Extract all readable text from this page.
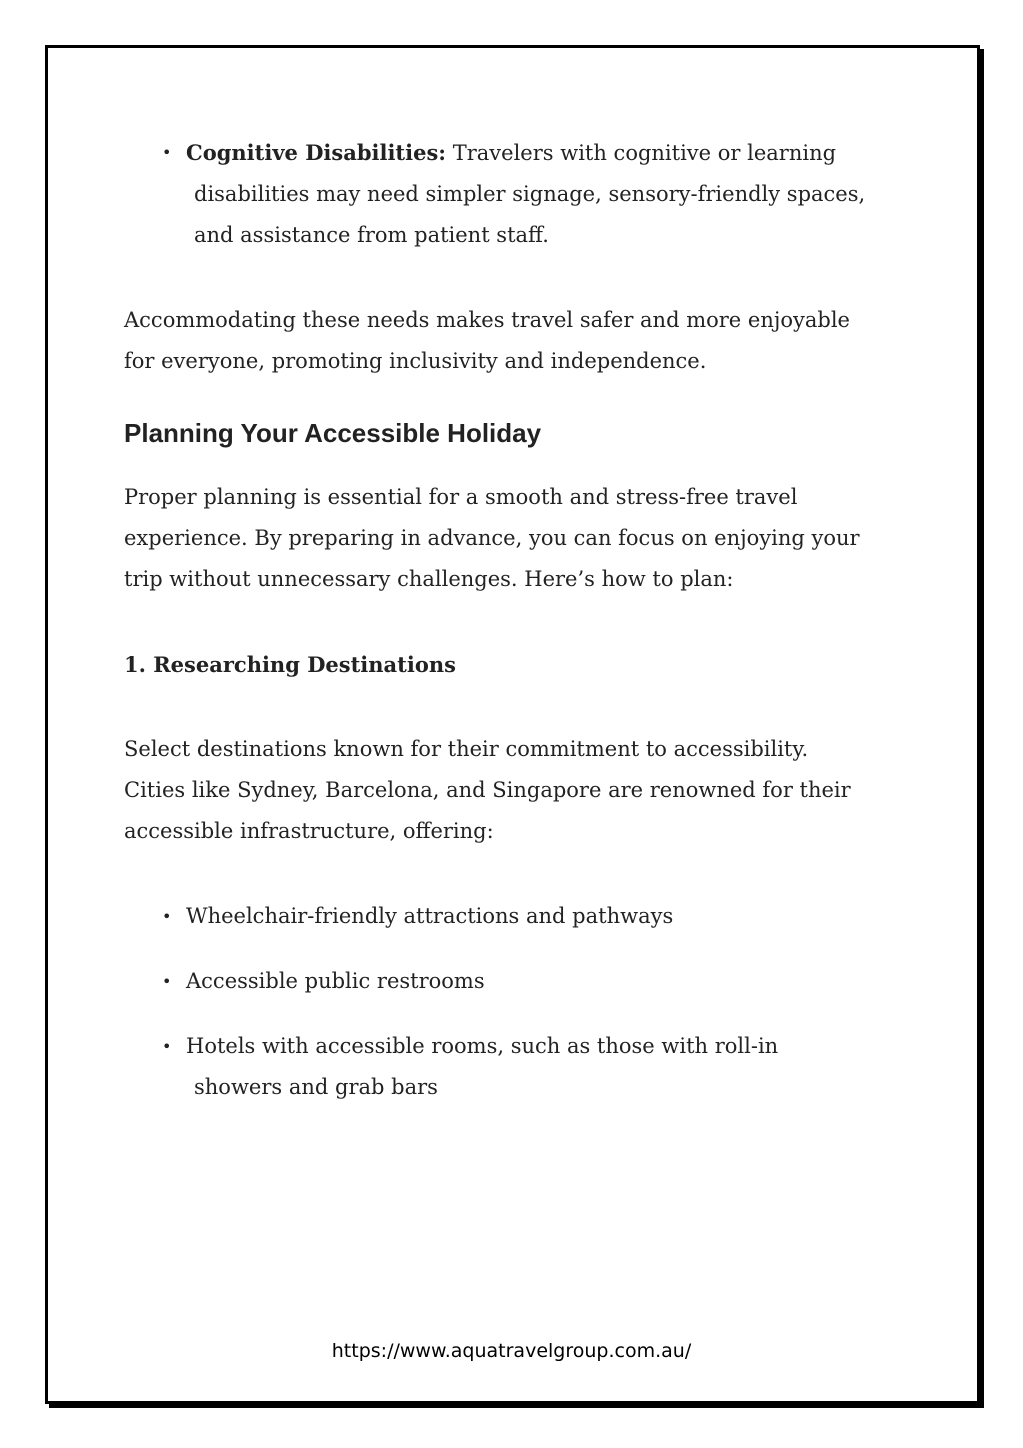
• Cognitive Disabilities: Travelers with cognitive or learning
disabilities may need simpler signage, sensory-friendly spaces,
and assistance from patient staff.

Accommodating these needs makes travel safer and more enjoyable
for everyone, promoting inclusivity and independence.

Planning Your Accessible Holiday

Proper planning is essential for a smooth and stress-free travel
experience. By preparing in advance, you can focus on enjoying your
trip without unnecessary challenges. Here’s how to plan:

1. Researching Destinations

Select destinations known for their commitment to accessibility.
Cities like Sydney, Barcelona, and Singapore are renowned for their
accessible infrastructure, offering:

• Wheelchair-friendly attractions and pathways
• Accessible public restrooms
• Hotels with accessible rooms, such as those with roll-in
showers and grab bars
https://www.aquatravelgroup.com.au/
